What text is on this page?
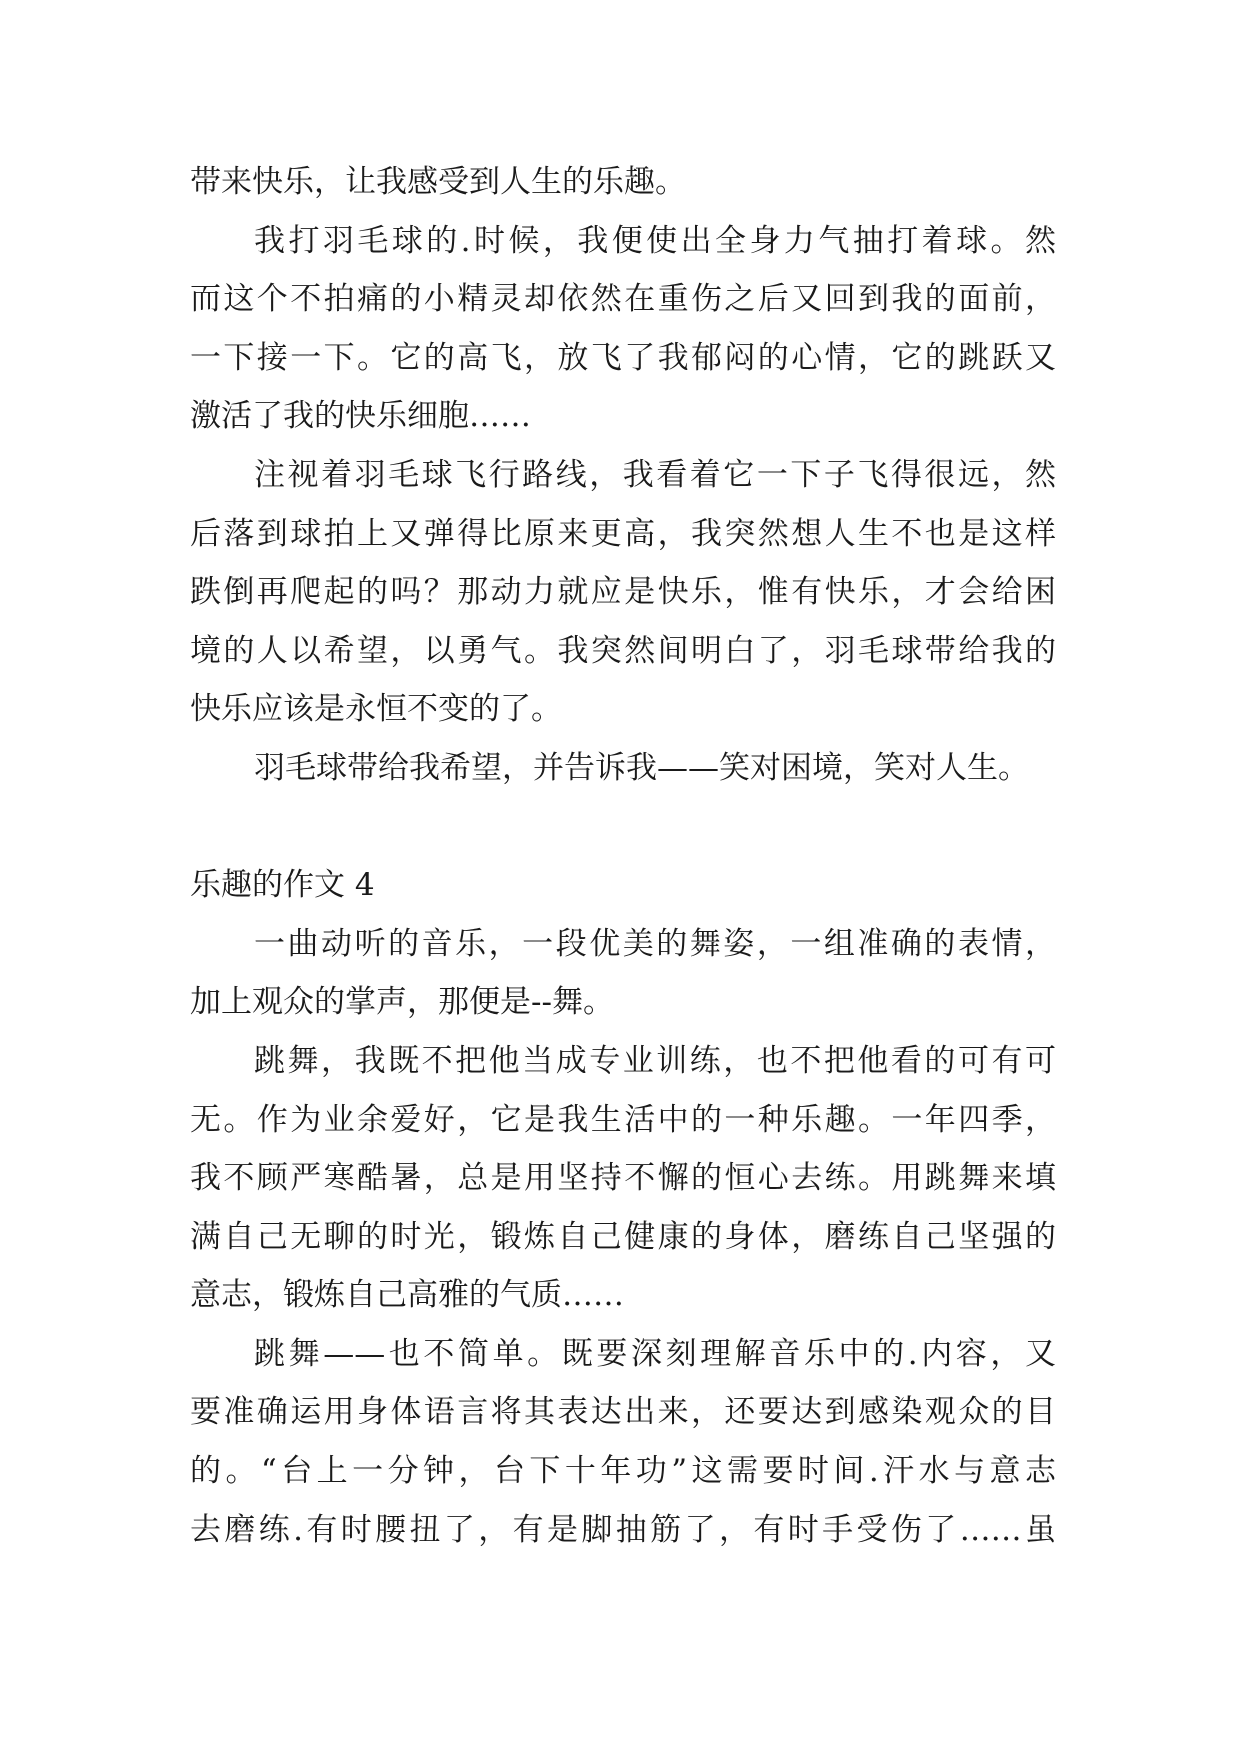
带来快乐，让我感受到人生的乐趣。
我打羽毛球的.时候，我便使出全身力气抽打着球。然
而这个不拍痛的小精灵却依然在重伤之后又回到我的面前，
一下接一下。它的高飞，放飞了我郁闷的心情，它的跳跃又
激活了我的快乐细胞……
注视着羽毛球飞行路线，我看着它一下子飞得很远，然
后落到球拍上又弹得比原来更高，我突然想人生不也是这样
跌倒再爬起的吗？那动力就应是快乐，惟有快乐，才会给困
境的人以希望，以勇气。我突然间明白了，羽毛球带给我的
快乐应该是永恒不变的了。
羽毛球带给我希望，并告诉我——笑对困境，笑对人生。
乐趣的作文 4
一曲动听的音乐，一段优美的舞姿，一组准确的表情，
加上观众的掌声，那便是--舞。
跳舞，我既不把他当成专业训练，也不把他看的可有可
无。作为业余爱好，它是我生活中的一种乐趣。一年四季，
我不顾严寒酷暑，总是用坚持不懈的恒心去练。用跳舞来填
满自己无聊的时光，锻炼自己健康的身体，磨练自己坚强的
意志，锻炼自己高雅的气质……
跳舞——也不简单。既要深刻理解音乐中的.内容，又
要准确运用身体语言将其表达出来，还要达到感染观众的目
的。“台上一分钟，台下十年功”这需要时间.汗水与意志
去磨练.有时腰扭了，有是脚抽筋了，有时手受伤了……虽
